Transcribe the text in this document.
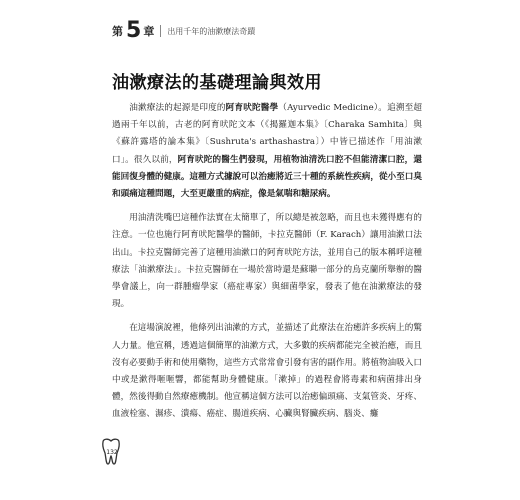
第 5 章 出用千年的油漱療法奇蹟
油漱療法的基礎理論與效用

油漱療法的起源是印度的阿育吠陀醫學（Ayurvedic Medicine）。追溯至超過兩千年以前，古老的阿育吠陀文本（《揭羅迦本集》〔Charaka Samhita〕與《蘇許露塔的論本集》〔Sushruta's arthashastra〕）中皆已描述作「用油漱口」。很久以前，阿育吠陀的醫生們發現，用植物油清洗口腔不但能清潔口腔，還能回復身體的健康。這種方式據說可以治癒將近三十種的系統性疾病，從小至口臭和頭痛這種問題，大至更嚴重的病症，像是氣喘和糖尿病。

用油清洗嘴巴這種作法實在太簡單了，所以總是被忽略，而且也未獲得應有的注意。一位也施行阿育吠陀醫學的醫師，卡拉克醫師（F. Karach）讓用油漱口法出山。卡拉克醫師完善了這種用油漱口的阿育吠陀方法，並用自己的版本稱呼這種療法「油漱療法」。卡拉克醫師在一場於當時還是蘇聯一部分的烏克蘭所舉辦的醫學會議上，向一群腫瘤學家（癌症專家）與細菌學家，發表了他在油漱療法的發現。

在這場演說裡，他條列出油漱的方式，並描述了此療法在治癒許多疾病上的驚人力量。他宣稱，透過這個簡單的油漱方式，大多數的疾病都能完全被治癒，而且沒有必要動手術和使用藥物，這些方式常常會引發有害的副作用。將植物油吸入口中或是漱得咂咂響，都能幫助身體健康。「漱掉」的過程會將毒素和病菌排出身體，然後得動自然療癒機制。他宣稱這個方法可以治癒偏頭痛、支氣管炎、牙疼、血液栓塞、濕疹、潰瘍、癌症、腸道疾病、心臟與腎臟疾病、腦炎、癱

132
